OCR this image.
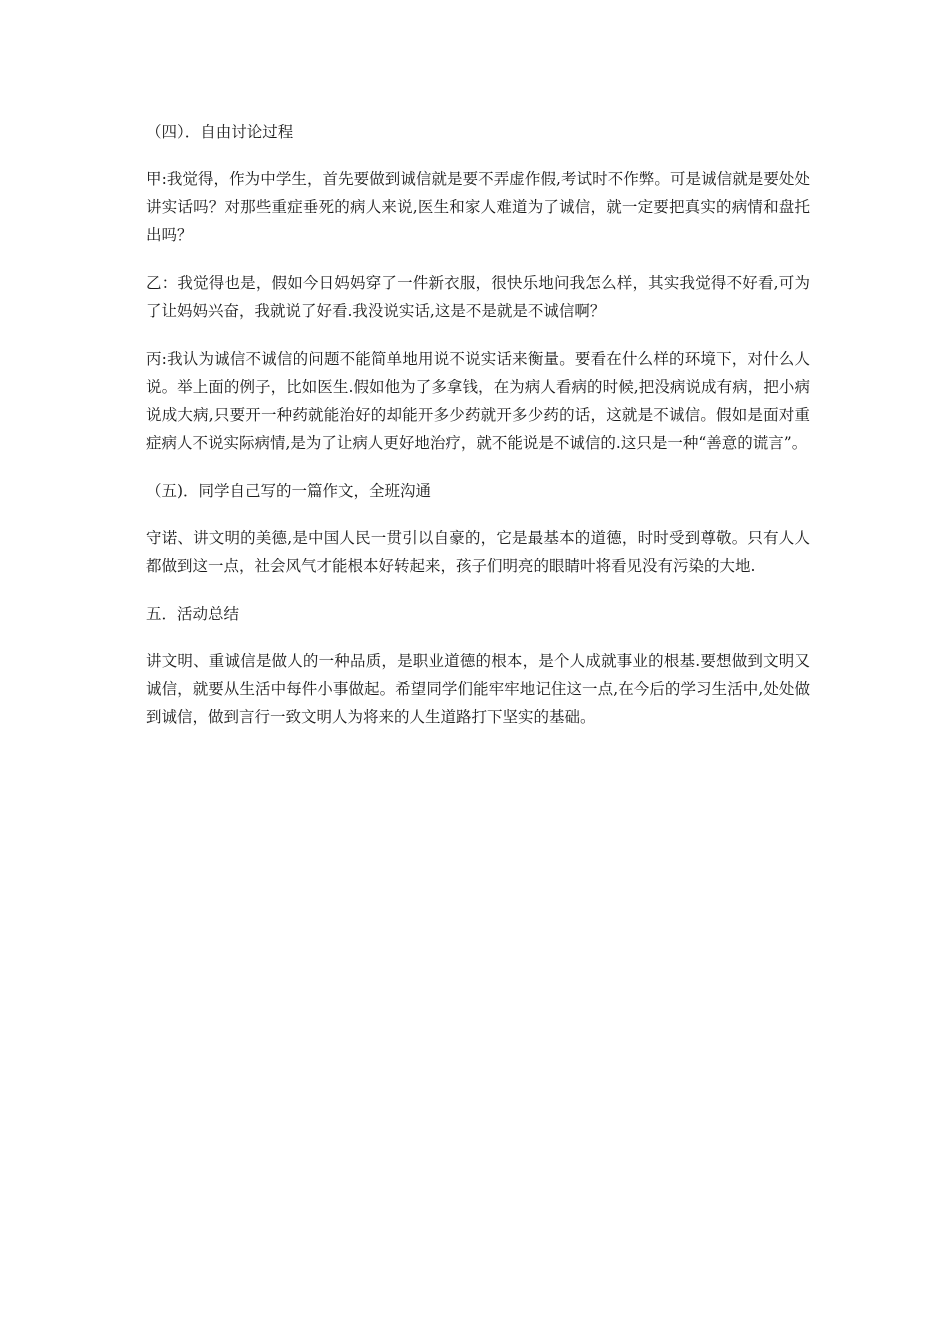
（四）．自由讨论过程

甲:我觉得，作为中学生，首先要做到诚信就是要不弄虚作假,考试时不作弊。可是诚信就是要处处讲实话吗？对那些重症垂死的病人来说,医生和家人难道为了诚信，就一定要把真实的病情和盘托出吗？

乙：我觉得也是，假如今日妈妈穿了一件新衣服，很快乐地问我怎么样，其实我觉得不好看,可为了让妈妈兴奋，我就说了好看.我没说实话,这是不是就是不诚信啊？

丙:我认为诚信不诚信的问题不能简单地用说不说实话来衡量。要看在什么样的环境下，对什么人说。举上面的例子，比如医生.假如他为了多拿钱，在为病人看病的时候,把没病说成有病，把小病说成大病,只要开一种药就能治好的却能开多少药就开多少药的话，这就是不诚信。假如是面对重症病人不说实际病情,是为了让病人更好地治疗，就不能说是不诚信的.这只是一种“善意的谎言”。

（五)．同学自己写的一篇作文，全班沟通

守诺、讲文明的美德,是中国人民一贯引以自豪的，它是最基本的道德，时时受到尊敬。只有人人都做到这一点，社会风气才能根本好转起来，孩子们明亮的眼睛叶将看见没有污染的大地.

五．活动总结

讲文明、重诚信是做人的一种品质，是职业道德的根本，是个人成就事业的根基.要想做到文明又诚信，就要从生活中每件小事做起。希望同学们能牢牢地记住这一点,在今后的学习生活中,处处做到诚信，做到言行一致文明人为将来的人生道路打下坚实的基础。
